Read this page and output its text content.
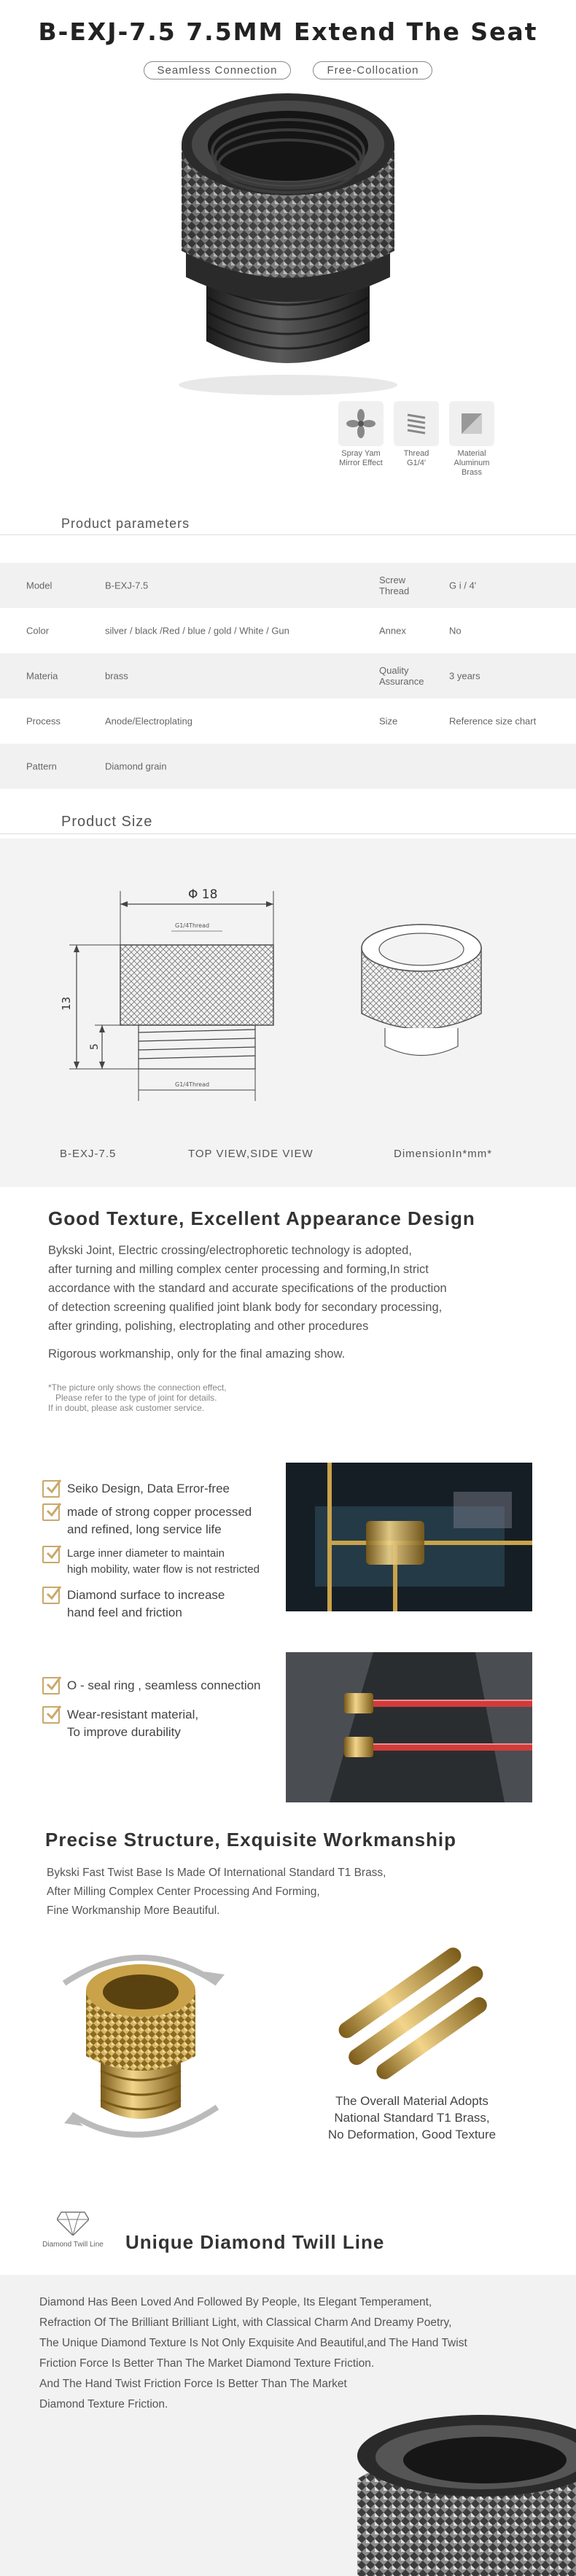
B-EXJ-7.5 7.5MM Extend The Seat
Seamless Connection	Free-Collocation
Spray Yam
Mirror Effect
Thread
G1/4'
Material
Aluminum
Brass
Product parameters
Model	B-EXJ-7.5	Screw Thread	G i / 4'
Color	silver / black /Red / blue / gold / White / Gun	Annex	No
Materia	brass	Quality Assurance	3 years
Process	Anode/Electroplating	Size	Reference size chart
Pattern	Diamond grain
Product Size
Φ 18
G1/4Thread
13
5
G1/4Thread
B-EXJ-7.5	TOP VIEW,SIDE VIEW	DimensionIn*mm*
Good Texture, Excellent Appearance Design
Bykski Joint, Electric crossing/electrophoretic technology is adopted,
after turning and milling complex center processing and forming,In strict
accordance with the standard and accurate specifications of the production
of detection screening qualified joint blank body for secondary processing,
after grinding, polishing, electroplating and other procedures
Rigorous workmanship, only for the final amazing show.
*The picture only shows the connection effect,
Please refer to the type of joint for details.
If in doubt, please ask customer service.
Seiko Design, Data Error-free
made of strong copper processed
and refined, long service life
Large inner diameter to maintain
high mobility, water flow is not restricted
Diamond surface to increase
hand feel and friction
O - seal ring , seamless connection
Wear-resistant material,
To improve durability
Precise Structure, Exquisite Workmanship
Bykski Fast Twist Base Is Made Of International Standard T1 Brass,
After Milling Complex Center Processing And Forming,
Fine Workmanship More Beautiful.
The Overall Material Adopts
National Standard T1 Brass,
No Deformation, Good Texture
Diamond Twill Line	Unique Diamond Twill Line
Diamond Has Been Loved And Followed By People, Its Elegant Temperament,
Refraction Of The Brilliant Brilliant Light, with Classical Charm And Dreamy Poetry,
The Unique Diamond Texture Is Not Only Exquisite And Beautiful,and The Hand Twist
Friction Force Is Better Than The Market Diamond Texture Friction.
And The Hand Twist Friction Force Is Better Than The Market
Diamond Texture Friction.
